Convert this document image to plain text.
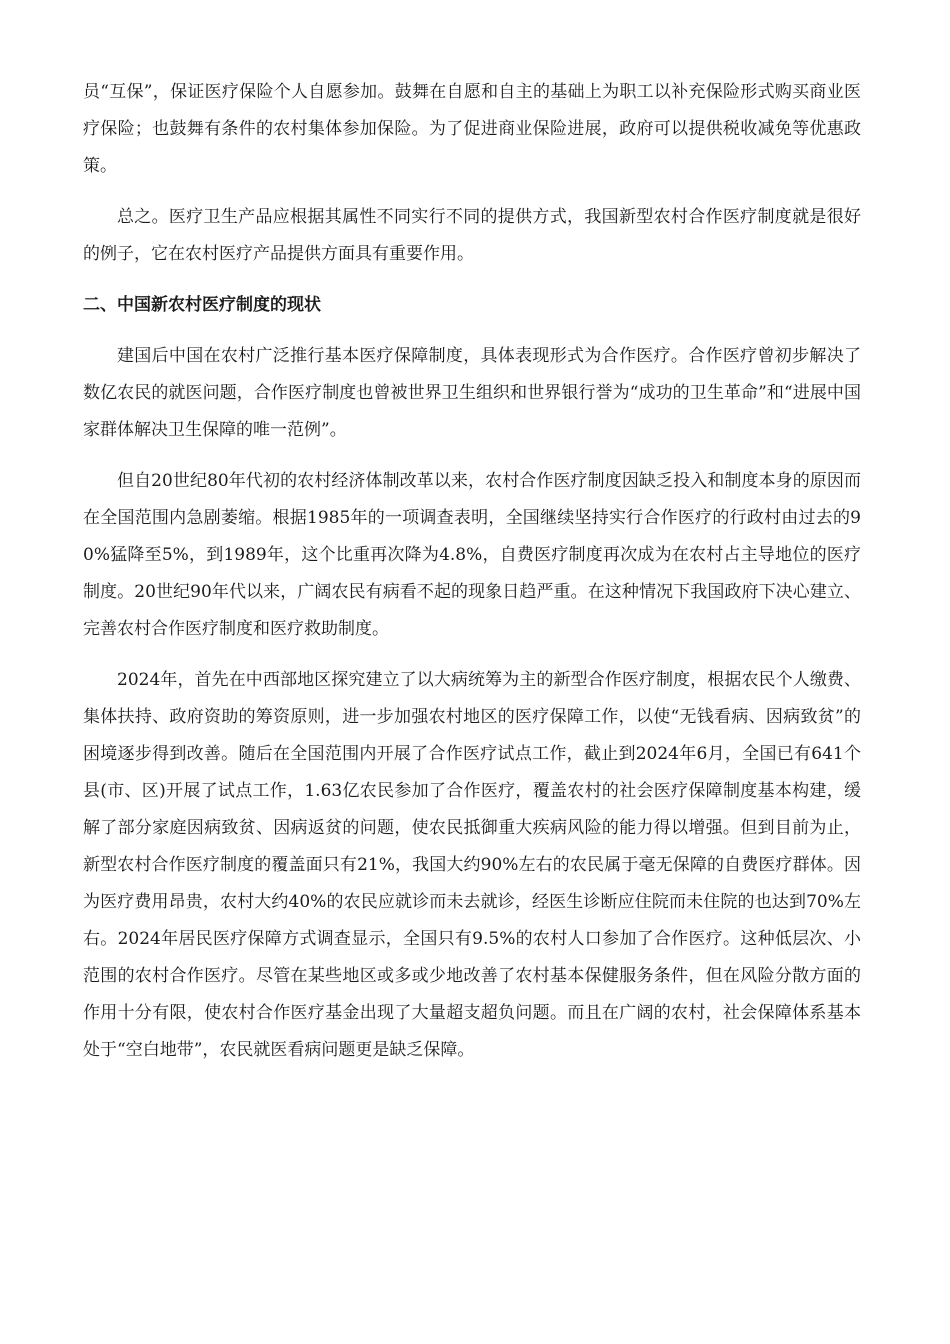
员“互保”，保证医疗保险个人自愿参加。鼓舞在自愿和自主的基础上为职工以补充保险形式购买商业医疗保险；也鼓舞有条件的农村集体参加保险。为了促进商业保险进展，政府可以提供税收减免等优惠政策。

总之。医疗卫生产品应根据其属性不同实行不同的提供方式，我国新型农村合作医疗制度就是很好的例子，它在农村医疗产品提供方面具有重要作用。

二、中国新农村医疗制度的现状

建国后中国在农村广泛推行基本医疗保障制度，具体表现形式为合作医疗。合作医疗曾初步解决了数亿农民的就医问题，合作医疗制度也曾被世界卫生组织和世界银行誉为“成功的卫生革命”和“进展中国家群体解决卫生保障的唯一范例”。

但自20世纪80年代初的农村经济体制改革以来，农村合作医疗制度因缺乏投入和制度本身的原因而在全国范围内急剧萎缩。根据1985年的一项调查表明，全国继续坚持实行合作医疗的行政村由过去的90%猛降至5%，到1989年，这个比重再次降为4.8%，自费医疗制度再次成为在农村占主导地位的医疗制度。20世纪90年代以来，广阔农民有病看不起的现象日趋严重。在这种情况下我国政府下决心建立、完善农村合作医疗制度和医疗救助制度。

2024年，首先在中西部地区探究建立了以大病统筹为主的新型合作医疗制度，根据农民个人缴费、集体扶持、政府资助的筹资原则，进一步加强农村地区的医疗保障工作，以使“无钱看病、因病致贫”的困境逐步得到改善。随后在全国范围内开展了合作医疗试点工作，截止到2024年6月，全国已有641个县(市、区)开展了试点工作，1.63亿农民参加了合作医疗，覆盖农村的社会医疗保障制度基本构建，缓解了部分家庭因病致贫、因病返贫的问题，使农民抵御重大疾病风险的能力得以增强。但到目前为止，新型农村合作医疗制度的覆盖面只有21%，我国大约90%左右的农民属于毫无保障的自费医疗群体。因为医疗费用昂贵，农村大约40%的农民应就诊而未去就诊，经医生诊断应住院而未住院的也达到70%左右。2024年居民医疗保障方式调查显示，全国只有9.5%的农村人口参加了合作医疗。这种低层次、小范围的农村合作医疗。尽管在某些地区或多或少地改善了农村基本保健服务条件，但在风险分散方面的作用十分有限，使农村合作医疗基金出现了大量超支超负问题。而且在广阔的农村，社会保障体系基本处于“空白地带”，农民就医看病问题更是缺乏保障。
